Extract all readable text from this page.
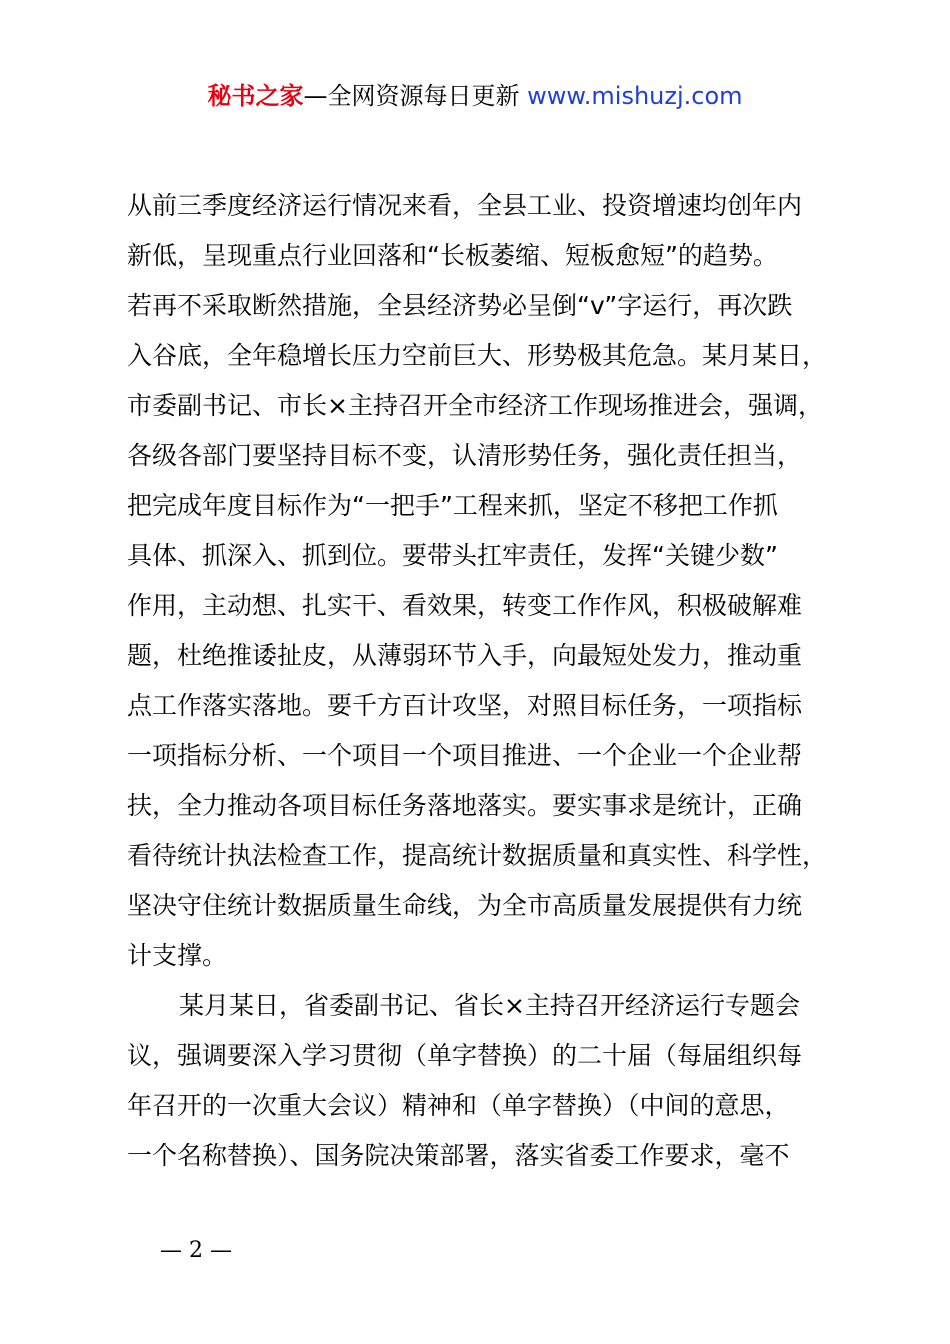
秘书之家—全网资源每日更新 www.mishuzj.com
从前三季度经济运行情况来看，全县工业、投资增速均创年内
新低，呈现重点行业回落和“长板萎缩、短板愈短”的趋势。
若再不采取断然措施，全县经济势必呈倒“v”字运行，再次跌
入谷底，全年稳增长压力空前巨大、形势极其危急。某月某日，
市委副书记、市长×主持召开全市经济工作现场推进会，强调，
各级各部门要坚持目标不变，认清形势任务，强化责任担当，
把完成年度目标作为“一把手”工程来抓，坚定不移把工作抓
具体、抓深入、抓到位。要带头扛牢责任，发挥“关键少数”
作用，主动想、扎实干、看效果，转变工作作风，积极破解难
题，杜绝推诿扯皮，从薄弱环节入手，向最短处发力，推动重
点工作落实落地。要千方百计攻坚，对照目标任务，一项指标
一项指标分析、一个项目一个项目推进、一个企业一个企业帮
扶，全力推动各项目标任务落地落实。要实事求是统计，正确
看待统计执法检查工作，提高统计数据质量和真实性、科学性，
坚决守住统计数据质量生命线，为全市高质量发展提供有力统
计支撑。
某月某日，省委副书记、省长×主持召开经济运行专题会
议，强调要深入学习贯彻（单字替换）的二十届（每届组织每
年召开的一次重大会议）精神和（单字替换）（中间的意思，
一个名称替换）、国务院决策部署，落实省委工作要求，毫不
— 2 —
